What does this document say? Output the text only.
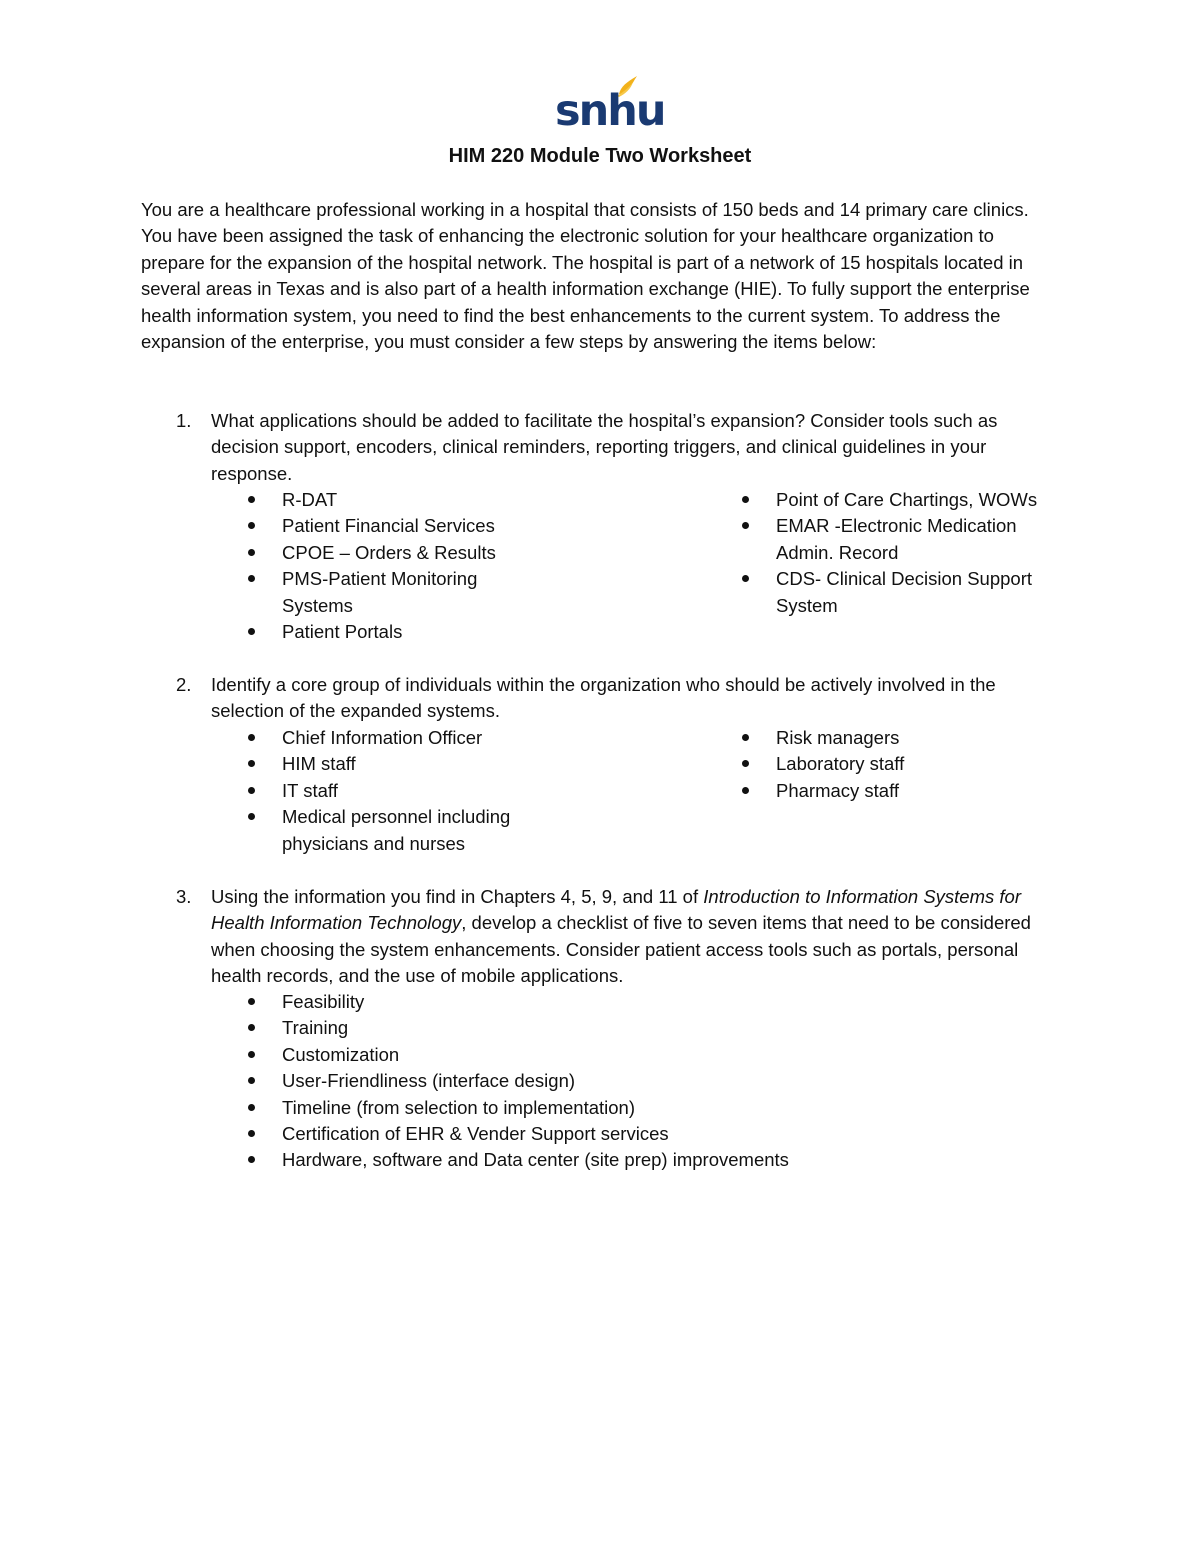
snhu
HIM 220 Module Two Worksheet

You are a healthcare professional working in a hospital that consists of 150 beds and 14 primary care clinics. You have been assigned the task of enhancing the electronic solution for your healthcare organization to prepare for the expansion of the hospital network. The hospital is part of a network of 15 hospitals located in several areas in Texas and is also part of a health information exchange (HIE). To fully support the enterprise health information system, you need to find the best enhancements to the current system. To address the expansion of the enterprise, you must consider a few steps by answering the items below:

1. What applications should be added to facilitate the hospital’s expansion? Consider tools such as decision support, encoders, clinical reminders, reporting triggers, and clinical guidelines in your response.
R-DAT
Patient Financial Services
CPOE – Orders & Results
PMS-Patient Monitoring Systems
Patient Portals
Point of Care Chartings, WOWs
EMAR -Electronic Medication Admin. Record
CDS- Clinical Decision Support System
2. Identify a core group of individuals within the organization who should be actively involved in the selection of the expanded systems.
Chief Information Officer
HIM staff
IT staff
Medical personnel including physicians and nurses
Risk managers
Laboratory staff
Pharmacy staff
3. Using the information you find in Chapters 4, 5, 9, and 11 of Introduction to Information Systems for Health Information Technology, develop a checklist of five to seven items that need to be considered when choosing the system enhancements. Consider patient access tools such as portals, personal health records, and the use of mobile applications.
Feasibility
Training
Customization
User-Friendliness (interface design)
Timeline (from selection to implementation)
Certification of EHR & Vender Support services
Hardware, software and Data center (site prep) improvements
